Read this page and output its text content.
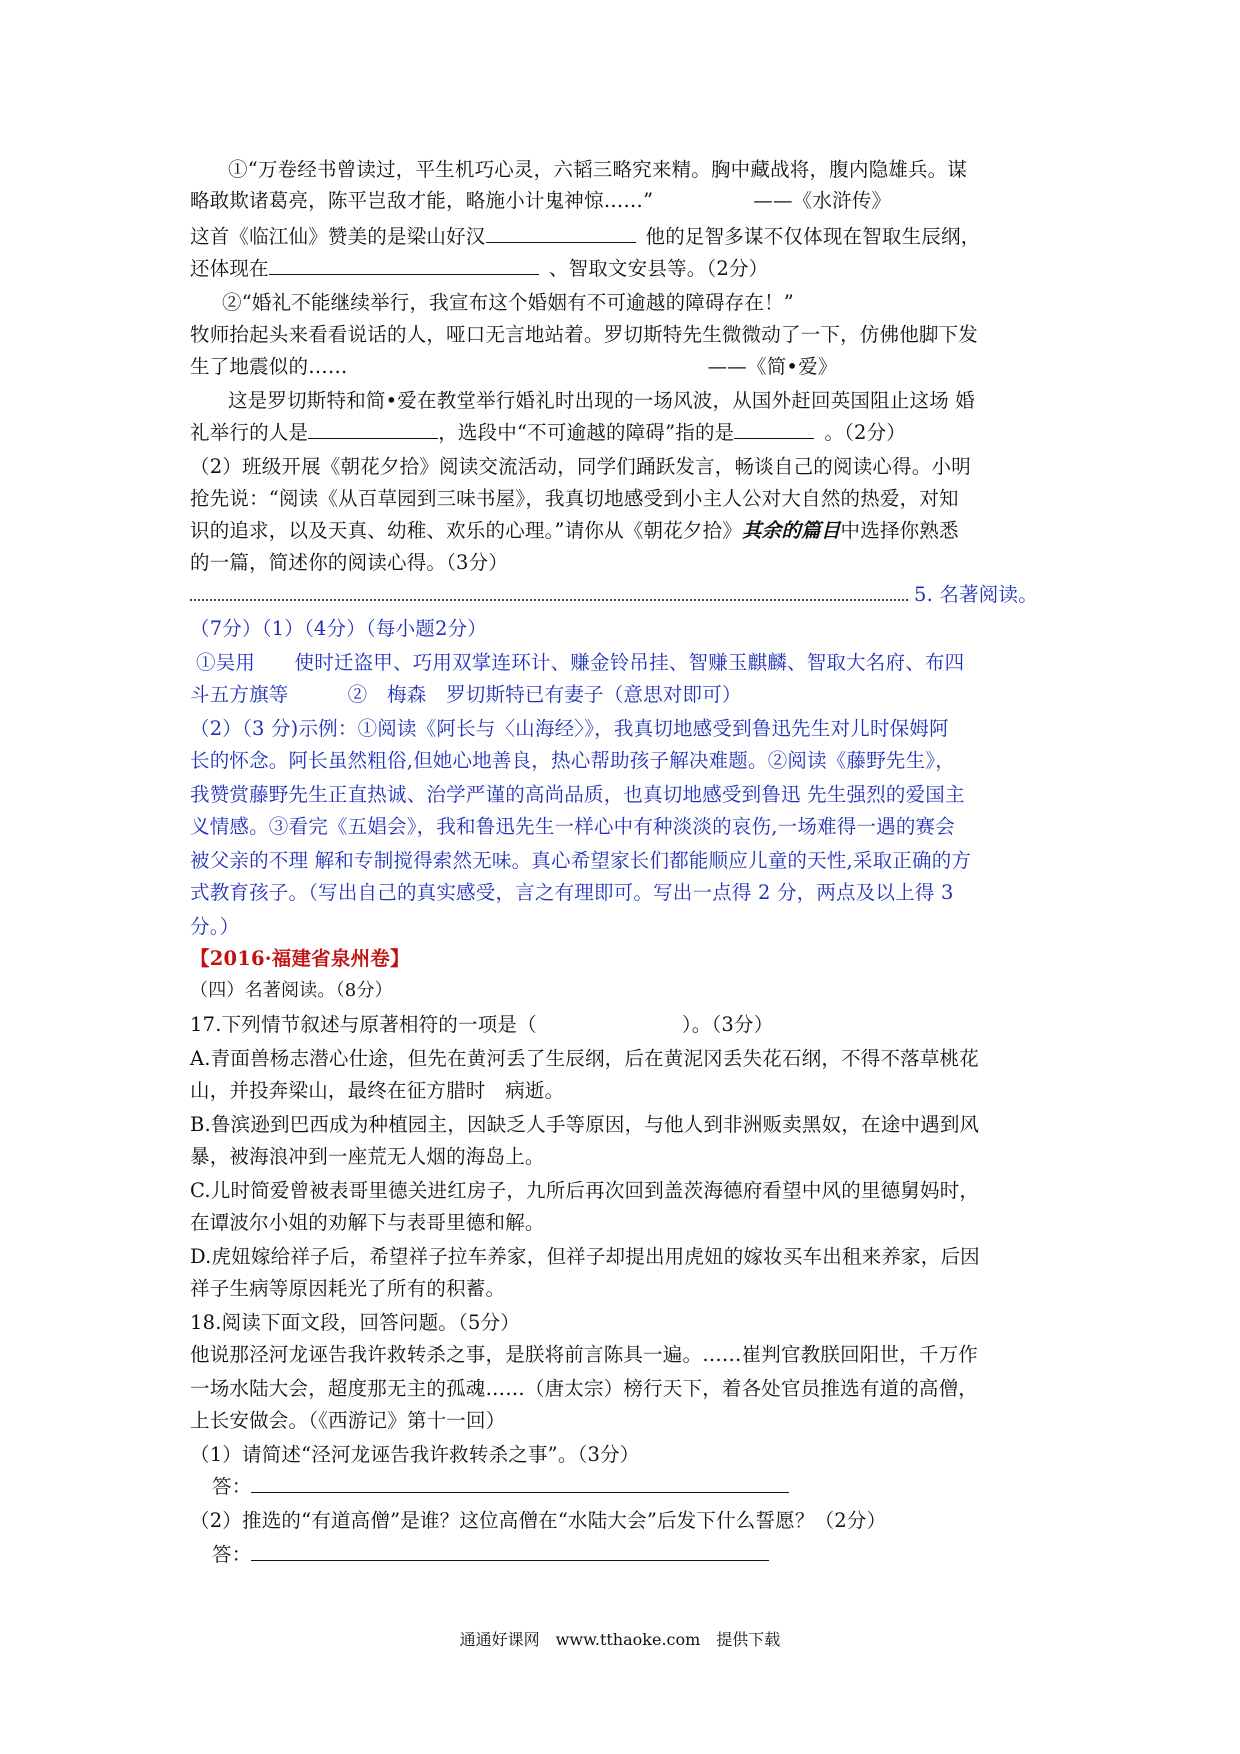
①“万卷经书曾读过，平生机巧心灵，六韬三略究来精。胸中藏战将，腹内隐雄兵。谋
略敢欺诸葛亮，陈平岂敌才能，略施小计鬼神惊……”	——《水浒传》
这首《临江仙》赞美的是梁山好汉	他的足智多谋不仅体现在智取生辰纲，
还体现在	、智取文安县等。（2分）
②“婚礼不能继续举行，我宣布这个婚姻有不可逾越的障碍存在！”
牧师抬起头来看看说话的人，哑口无言地站着。罗切斯特先生微微动了一下，仿佛他脚下发
生了地震似的……	——《简•爱》
这是罗切斯特和简•爱在教堂举行婚礼时出现的一场风波，从国外赶回英国阻止这场 婚
礼举行的人是	，选段中“不可逾越的障碍”指的是	。（2分）
（2）班级开展《朝花夕拾》阅读交流活动，同学们踊跃发言，畅谈自己的阅读心得。小明
抢先说：“阅读《从百草园到三味书屋》，我真切地感受到小主人公对大自然的热爱，对知
识的追求，以及天真、幼稚、欢乐的心理。”请你从《朝花夕拾》其余的篇目中选择你熟悉
的一篇，简述你的阅读心得。（3分）
5. 名著阅读。
（7分）（1）（4分）（每小题2分）
①吴用　　使时迁盗甲、巧用双掌连环计、赚金铃吊挂、智赚玉麒麟、智取大名府、布四
斗五方旗等　　　②　梅森　罗切斯特已有妻子（意思对即可）
（2）（3 分)示例：①阅读《阿长与〈山海经〉》，我真切地感受到鲁迅先生对儿时保姆阿
长的怀念。阿长虽然粗俗,但她心地善良，热心帮助孩子解决难题。②阅读《藤野先生》，
我赞赏藤野先生正直热诚、治学严谨的高尚品质，也真切地感受到鲁迅 先生强烈的爱国主
义情感。③看完《五娼会》，我和鲁迅先生一样心中有种淡淡的哀伤,一场难得一遇的赛会
被父亲的不理 解和专制搅得索然无味。真心希望家长们都能顺应儿童的天性,采取正确的方
式教育孩子。（写出自己的真实感受，言之有理即可。写出一点得 2 分，两点及以上得 3
分。）
【2016·福建省泉州卷】
（四）名著阅读。（8分）
17.下列情节叙述与原著相符的一项是（	）。（3分）
A.青面兽杨志潜心仕途，但先在黄河丢了生辰纲，后在黄泥冈丢失花石纲，不得不落草桃花
山，并投奔梁山，最终在征方腊时　病逝。
B.鲁滨逊到巴西成为种植园主，因缺乏人手等原因，与他人到非洲贩卖黑奴，在途中遇到风
暴，被海浪冲到一座荒无人烟的海岛上。
C.儿时简爱曾被表哥里德关进红房子，九所后再次回到盖茨海德府看望中风的里德舅妈时，
在谭波尔小姐的劝解下与表哥里德和解。
D.虎妞嫁给祥子后，希望祥子拉车养家，但祥子却提出用虎妞的嫁妆买车出租来养家，后因
祥子生病等原因耗光了所有的积蓄。
18.阅读下面文段，回答问题。（5分）
他说那泾河龙诬告我许救转杀之事，是朕将前言陈具一遍。……崔判官教朕回阳世，千万作
一场水陆大会，超度那无主的孤魂……（唐太宗）榜行天下，着各处官员推选有道的高僧，
上长安做会。（《西游记》第十一回）
（1）请简述“泾河龙诬告我许救转杀之事”。（3分）
答：
（2）推选的“有道高僧”是谁？这位高僧在“水陆大会”后发下什么誓愿？（2分）
答：
通通好课网　www.tthaoke.com　提供下载
